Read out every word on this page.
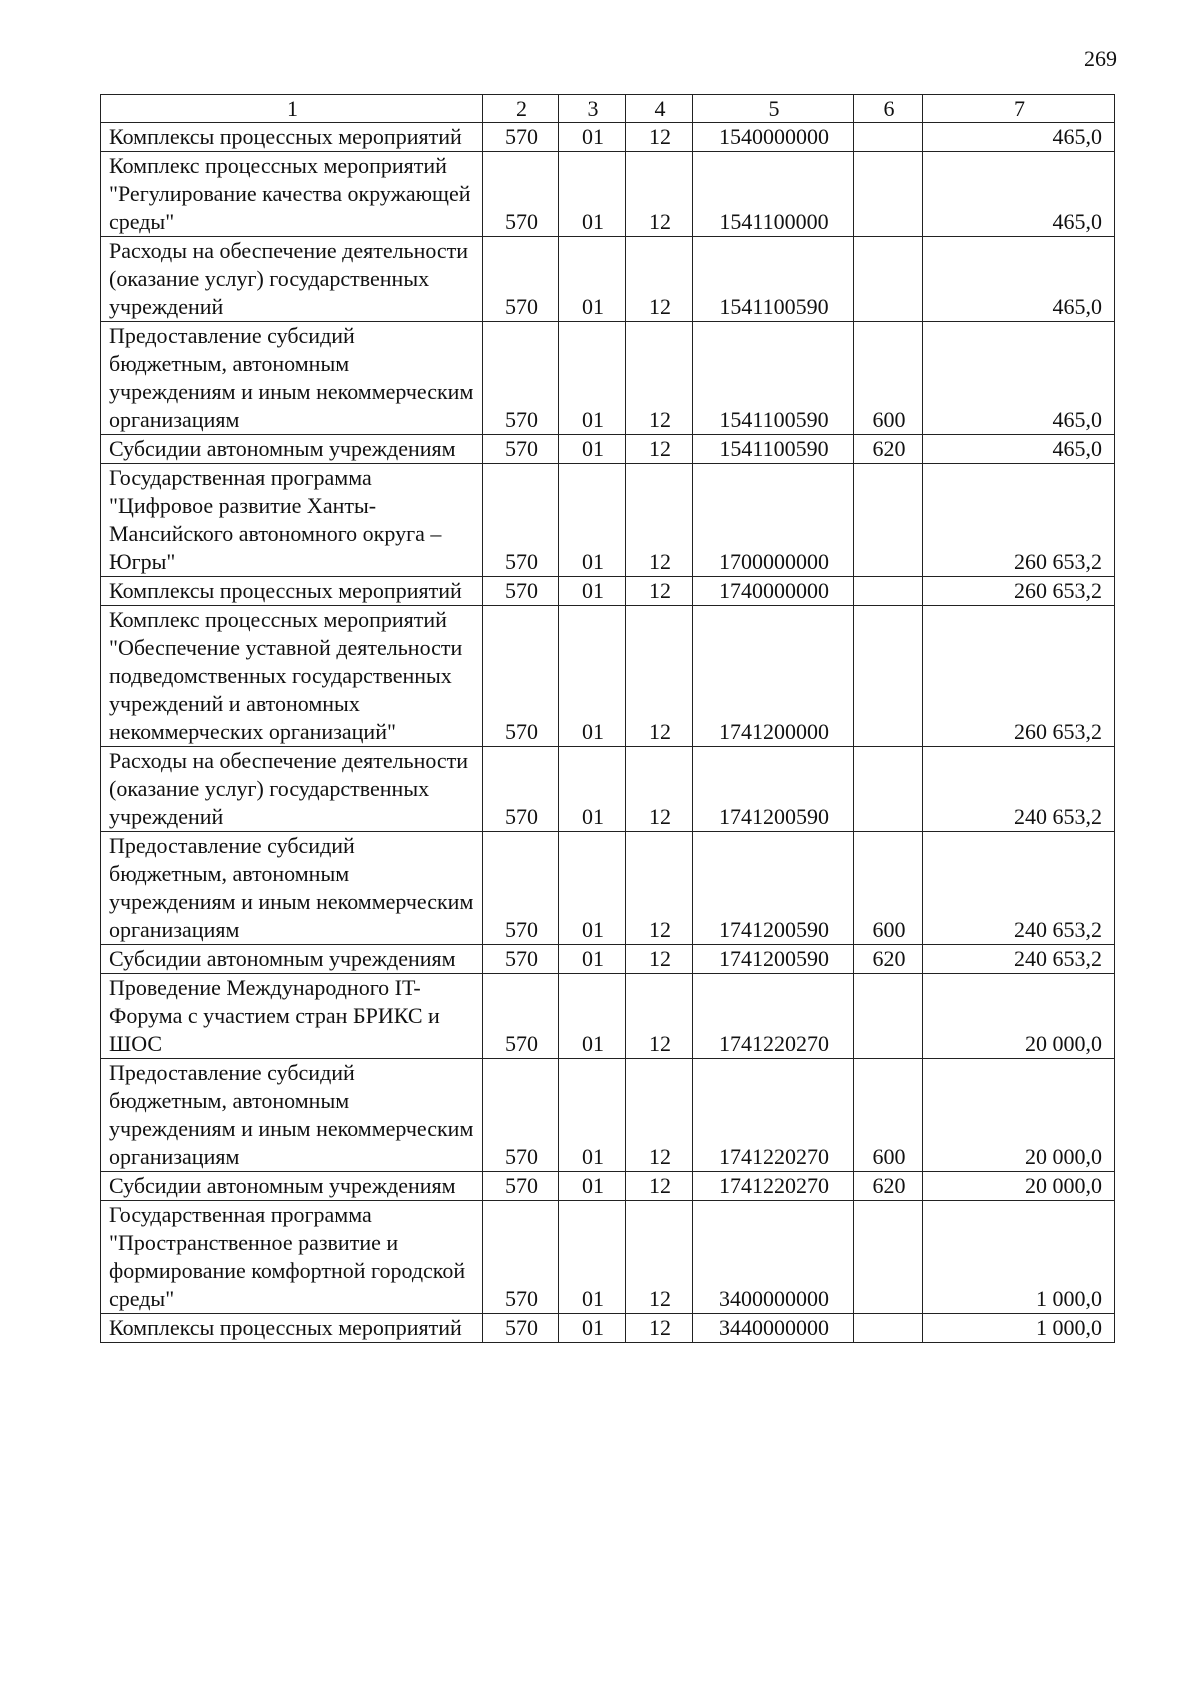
269
1	2	3	4	5	6	7
Комплексы процессных мероприятий	570	01	12	1540000000		465,0
Комплекс процессных мероприятий "Регулирование качества окружающей среды"	570	01	12	1541100000		465,0
Расходы на обеспечение деятельности (оказание услуг) государственных учреждений	570	01	12	1541100590		465,0
Предоставление субсидий бюджетным, автономным учреждениям и иным некоммерческим организациям	570	01	12	1541100590	600	465,0
Субсидии автономным учреждениям	570	01	12	1541100590	620	465,0
Государственная программа "Цифровое развитие Ханты-Мансийского автономного округа – Югры"	570	01	12	1700000000		260 653,2
Комплексы процессных мероприятий	570	01	12	1740000000		260 653,2
Комплекс процессных мероприятий "Обеспечение уставной деятельности подведомственных государственных учреждений и автономных некоммерческих организаций"	570	01	12	1741200000		260 653,2
Расходы на обеспечение деятельности (оказание услуг) государственных учреждений	570	01	12	1741200590		240 653,2
Предоставление субсидий бюджетным, автономным учреждениям и иным некоммерческим организациям	570	01	12	1741200590	600	240 653,2
Субсидии автономным учреждениям	570	01	12	1741200590	620	240 653,2
Проведение Международного IT-Форума с участием стран БРИКС и ШОС	570	01	12	1741220270		20 000,0
Предоставление субсидий бюджетным, автономным учреждениям и иным некоммерческим организациям	570	01	12	1741220270	600	20 000,0
Субсидии автономным учреждениям	570	01	12	1741220270	620	20 000,0
Государственная программа "Пространственное развитие и формирование комфортной городской среды"	570	01	12	3400000000		1 000,0
Комплексы процессных мероприятий	570	01	12	3440000000		1 000,0
